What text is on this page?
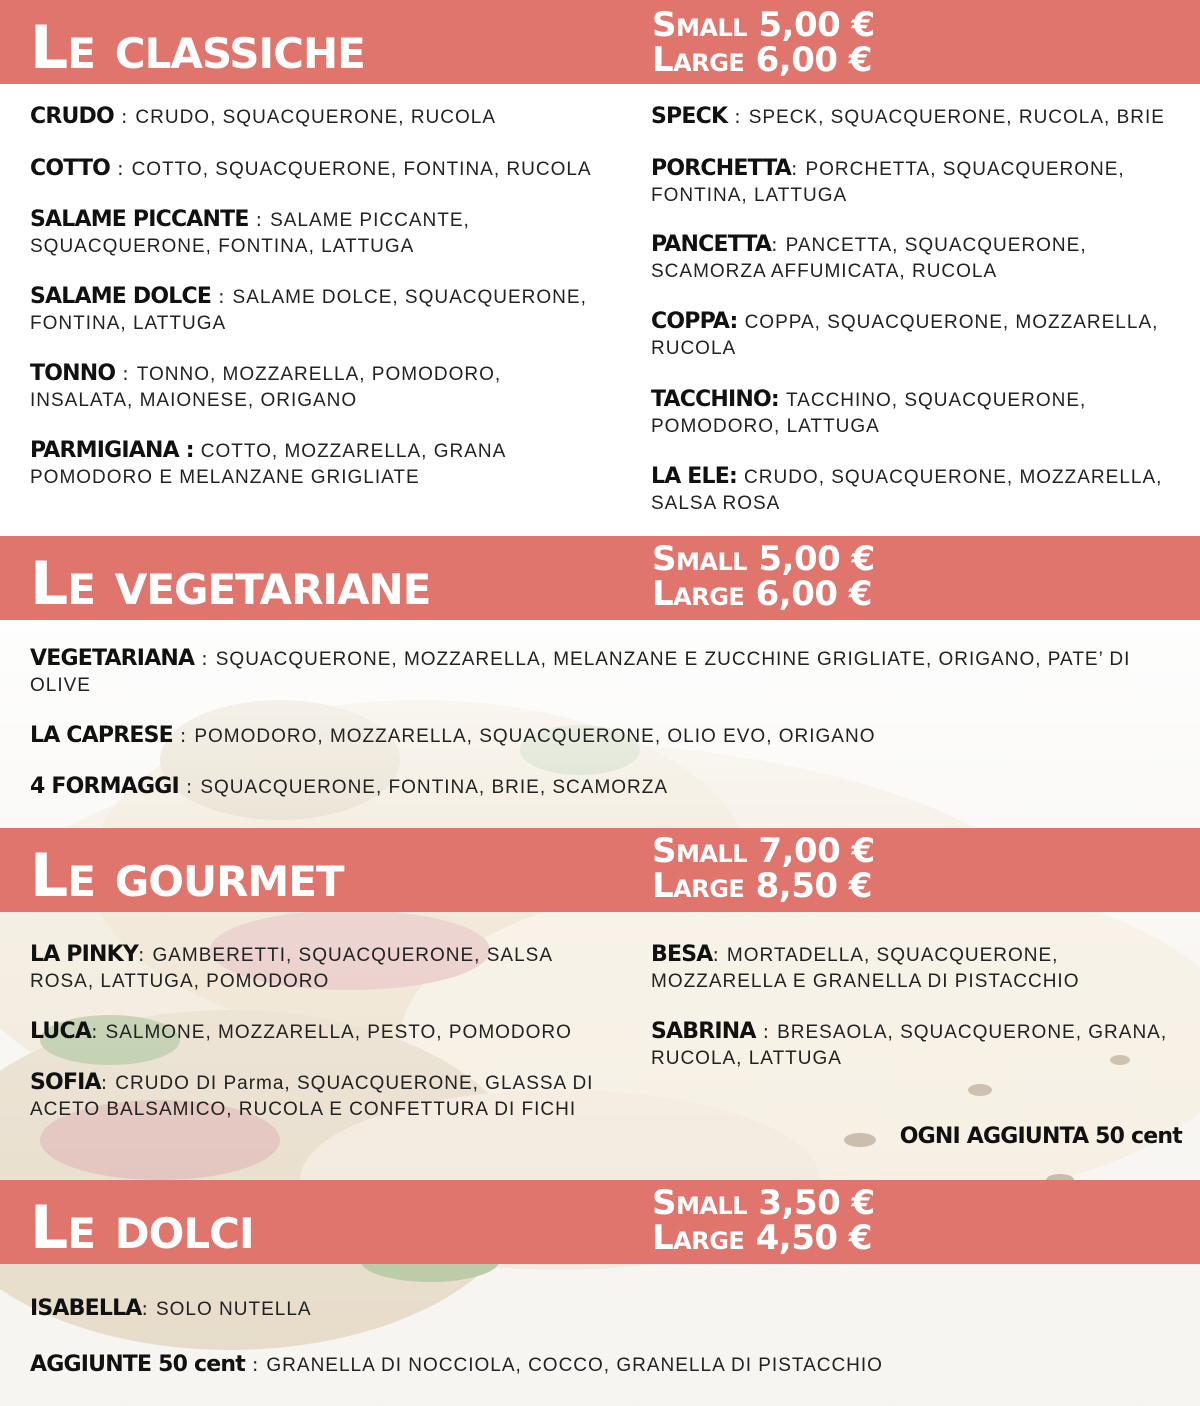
Le classiche	Small 5,00 €
Large 6,00 €
CRUDO : CRUDO, SQUACQUERONE, RUCOLA
COTTO : COTTO, SQUACQUERONE, FONTINA, RUCOLA
SALAME PICCANTE : SALAME PICCANTE, SQUACQUERONE, FONTINA, LATTUGA
SALAME DOLCE : SALAME DOLCE, SQUACQUERONE, FONTINA, LATTUGA
TONNO : TONNO, MOZZARELLA, POMODORO, INSALATA, MAIONESE, ORIGANO
PARMIGIANA : COTTO, MOZZARELLA, GRANA POMODORO E MELANZANE GRIGLIATE
SPECK : SPECK, SQUACQUERONE, RUCOLA, BRIE
PORCHETTA: PORCHETTA, SQUACQUERONE, FONTINA, LATTUGA
PANCETTA: PANCETTA, SQUACQUERONE, SCAMORZA AFFUMICATA, RUCOLA
COPPA: COPPA, SQUACQUERONE, MOZZARELLA, RUCOLA
TACCHINO: TACCHINO, SQUACQUERONE, POMODORO, LATTUGA
LA ELE: CRUDO, SQUACQUERONE, MOZZARELLA, SALSA ROSA
Le vegetariane	Small 5,00 €
Large 6,00 €
VEGETARIANA : SQUACQUERONE, MOZZARELLA, MELANZANE E ZUCCHINE GRIGLIATE, ORIGANO, PATE’ DI OLIVE
LA CAPRESE : POMODORO, MOZZARELLA, SQUACQUERONE, OLIO EVO, ORIGANO
4 FORMAGGI : SQUACQUERONE, FONTINA, BRIE, SCAMORZA
Le gourmet	Small 7,00 €
Large 8,50 €
LA PINKY: GAMBERETTI, SQUACQUERONE, SALSA ROSA, LATTUGA, POMODORO
LUCA: SALMONE, MOZZARELLA, PESTO, POMODORO
SOFIA: CRUDO DI Parma, SQUACQUERONE, GLASSA DI ACETO BALSAMICO, RUCOLA E CONFETTURA DI FICHI
BESA: MORTADELLA, SQUACQUERONE, MOZZARELLA E GRANELLA DI PISTACCHIO
SABRINA : BRESAOLA, SQUACQUERONE, GRANA, RUCOLA, LATTUGA
OGNI AGGIUNTA 50 cent
Le dolci	Small 3,50 €
Large 4,50 €
ISABELLA: SOLO NUTELLA
AGGIUNTE 50 cent : GRANELLA DI NOCCIOLA, COCCO, GRANELLA DI PISTACCHIO
